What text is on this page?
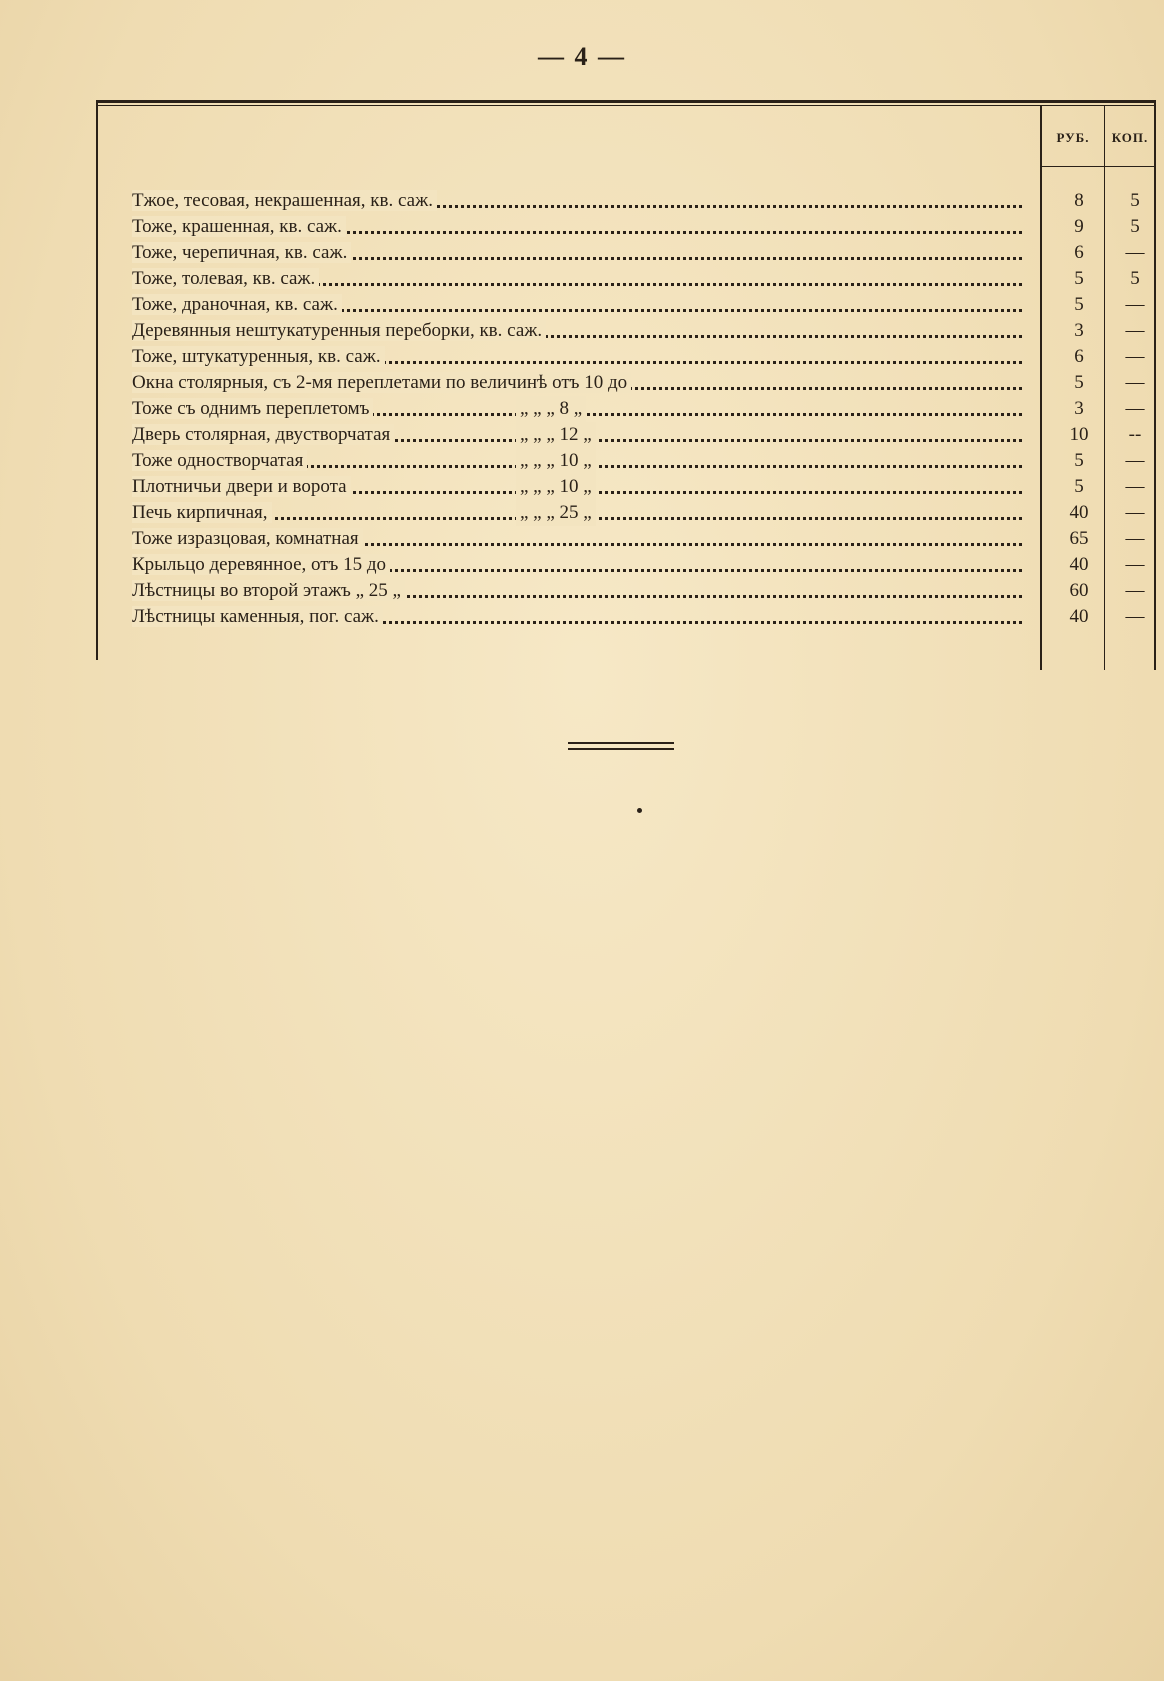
— 4 —
РУБ.	КОП.
Тжое, тесовая, некрашенная, кв. саж.	8	5
Тоже, крашенная, кв. саж.	9	5
Тоже, черепичная, кв. саж.	6	—
Тоже, толевая, кв. саж.	5	5
Тоже, драночная, кв. саж.	5	—
Деревянныя нештукатуренныя переборки, кв. саж.	3	—
Тоже, штукатуренныя, кв. саж.	6	—
Окна столярныя, съ 2-мя переплетами по величинѣ отъ 10 до	5	—
Тоже съ однимъ переплетомъ	„ „ „ 8 „	3	—
Дверь столярная, двустворчатая	„ „ „ 12 „	10	--
Тоже одностворчатая	„ „ „ 10 „	5	—
Плотничьи двери и ворота	„ „ „ 10 „	5	—
Печь кирпичная,	„ „ „ 25 „	40	—
Тоже изразцовая, комнатная	65	—
Крыльцо деревянное, отъ 15 до	40	—
Лѣстницы во второй этажъ „ 25 „	60	—
Лѣстницы каменныя, пог. саж.	40	—
